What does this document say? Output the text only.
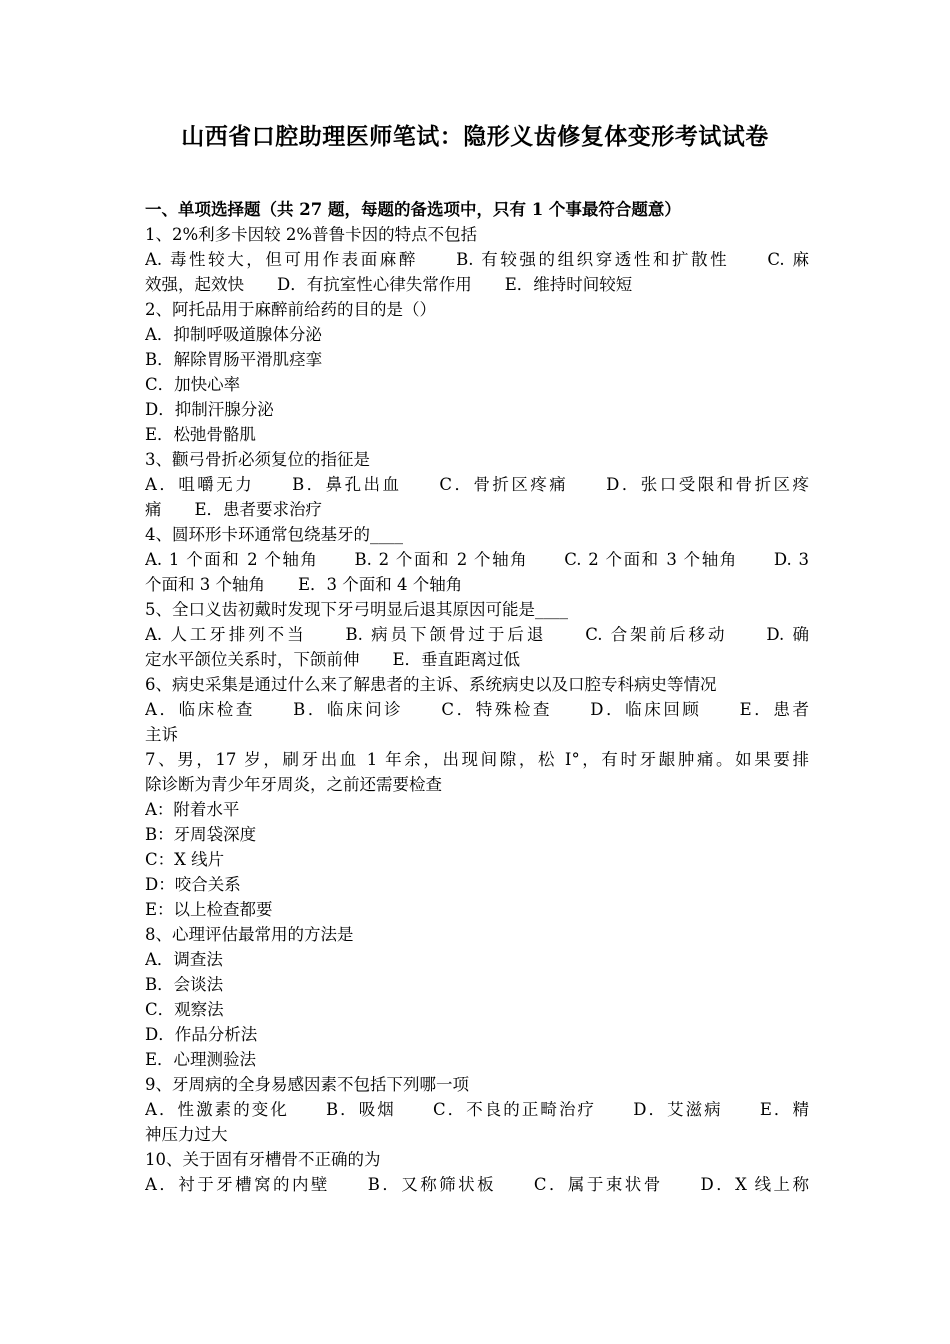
山西省口腔助理医师笔试：隐形义齿修复体变形考试试卷
一、单项选择题（共 27 题，每题的备选项中，只有 1 个事最符合题意）
1、2%利多卡因较 2%普鲁卡因的特点不包括
A. 毒性较大，但可用作表面麻醉　　B. 有较强的组织穿透性和扩散性　　C. 麻
效强，起效快　　D．有抗室性心律失常作用　　E．维持时间较短
2、阿托品用于麻醉前给药的目的是（）
A．抑制呼吸道腺体分泌
B．解除胃肠平滑肌痉挛
C．加快心率
D．抑制汗腺分泌
E．松弛骨骼肌
3、颧弓骨折必须复位的指征是
A．咀嚼无力　　B．鼻孔出血　　C．骨折区疼痛　　D．张口受限和骨折区疼
痛　　E．患者要求治疗
4、圆环形卡环通常包绕基牙的____
A. 1 个面和 2 个轴角　　B. 2 个面和 2 个轴角　　C. 2 个面和 3 个轴角　　D. 3
个面和 3 个轴角　　E．3 个面和 4 个轴角
5、全口义齿初戴时发现下牙弓明显后退其原因可能是____
A. 人工牙排列不当　　B. 病员下颌骨过于后退　　C. 合架前后移动　　D. 确
定水平颌位关系时，下颌前伸　　E．垂直距离过低
6、病史采集是通过什么来了解患者的主诉、系统病史以及口腔专科病史等情况
A．临床检查　　B．临床问诊　　C．特殊检查　　D．临床回顾　　E．患者
主诉
7、男，17 岁，刷牙出血 1 年余，出现间隙，松 I°，有时牙龈肿痛。如果要排
除诊断为青少年牙周炎，之前还需要检查
A：附着水平
B：牙周袋深度
C：X 线片
D：咬合关系
E：以上检查都要
8、心理评估最常用的方法是
A．调查法
B．会谈法
C．观察法
D．作品分析法
E．心理测验法
9、牙周病的全身易感因素不包括下列哪一项
A．性激素的变化　　B．吸烟　　C．不良的正畸治疗　　D．艾滋病　　E．精
神压力过大
10、关于固有牙槽骨不正确的为
A．衬于牙槽窝的内壁　　B．又称筛状板　　C．属于束状骨　　D．X 线上称
